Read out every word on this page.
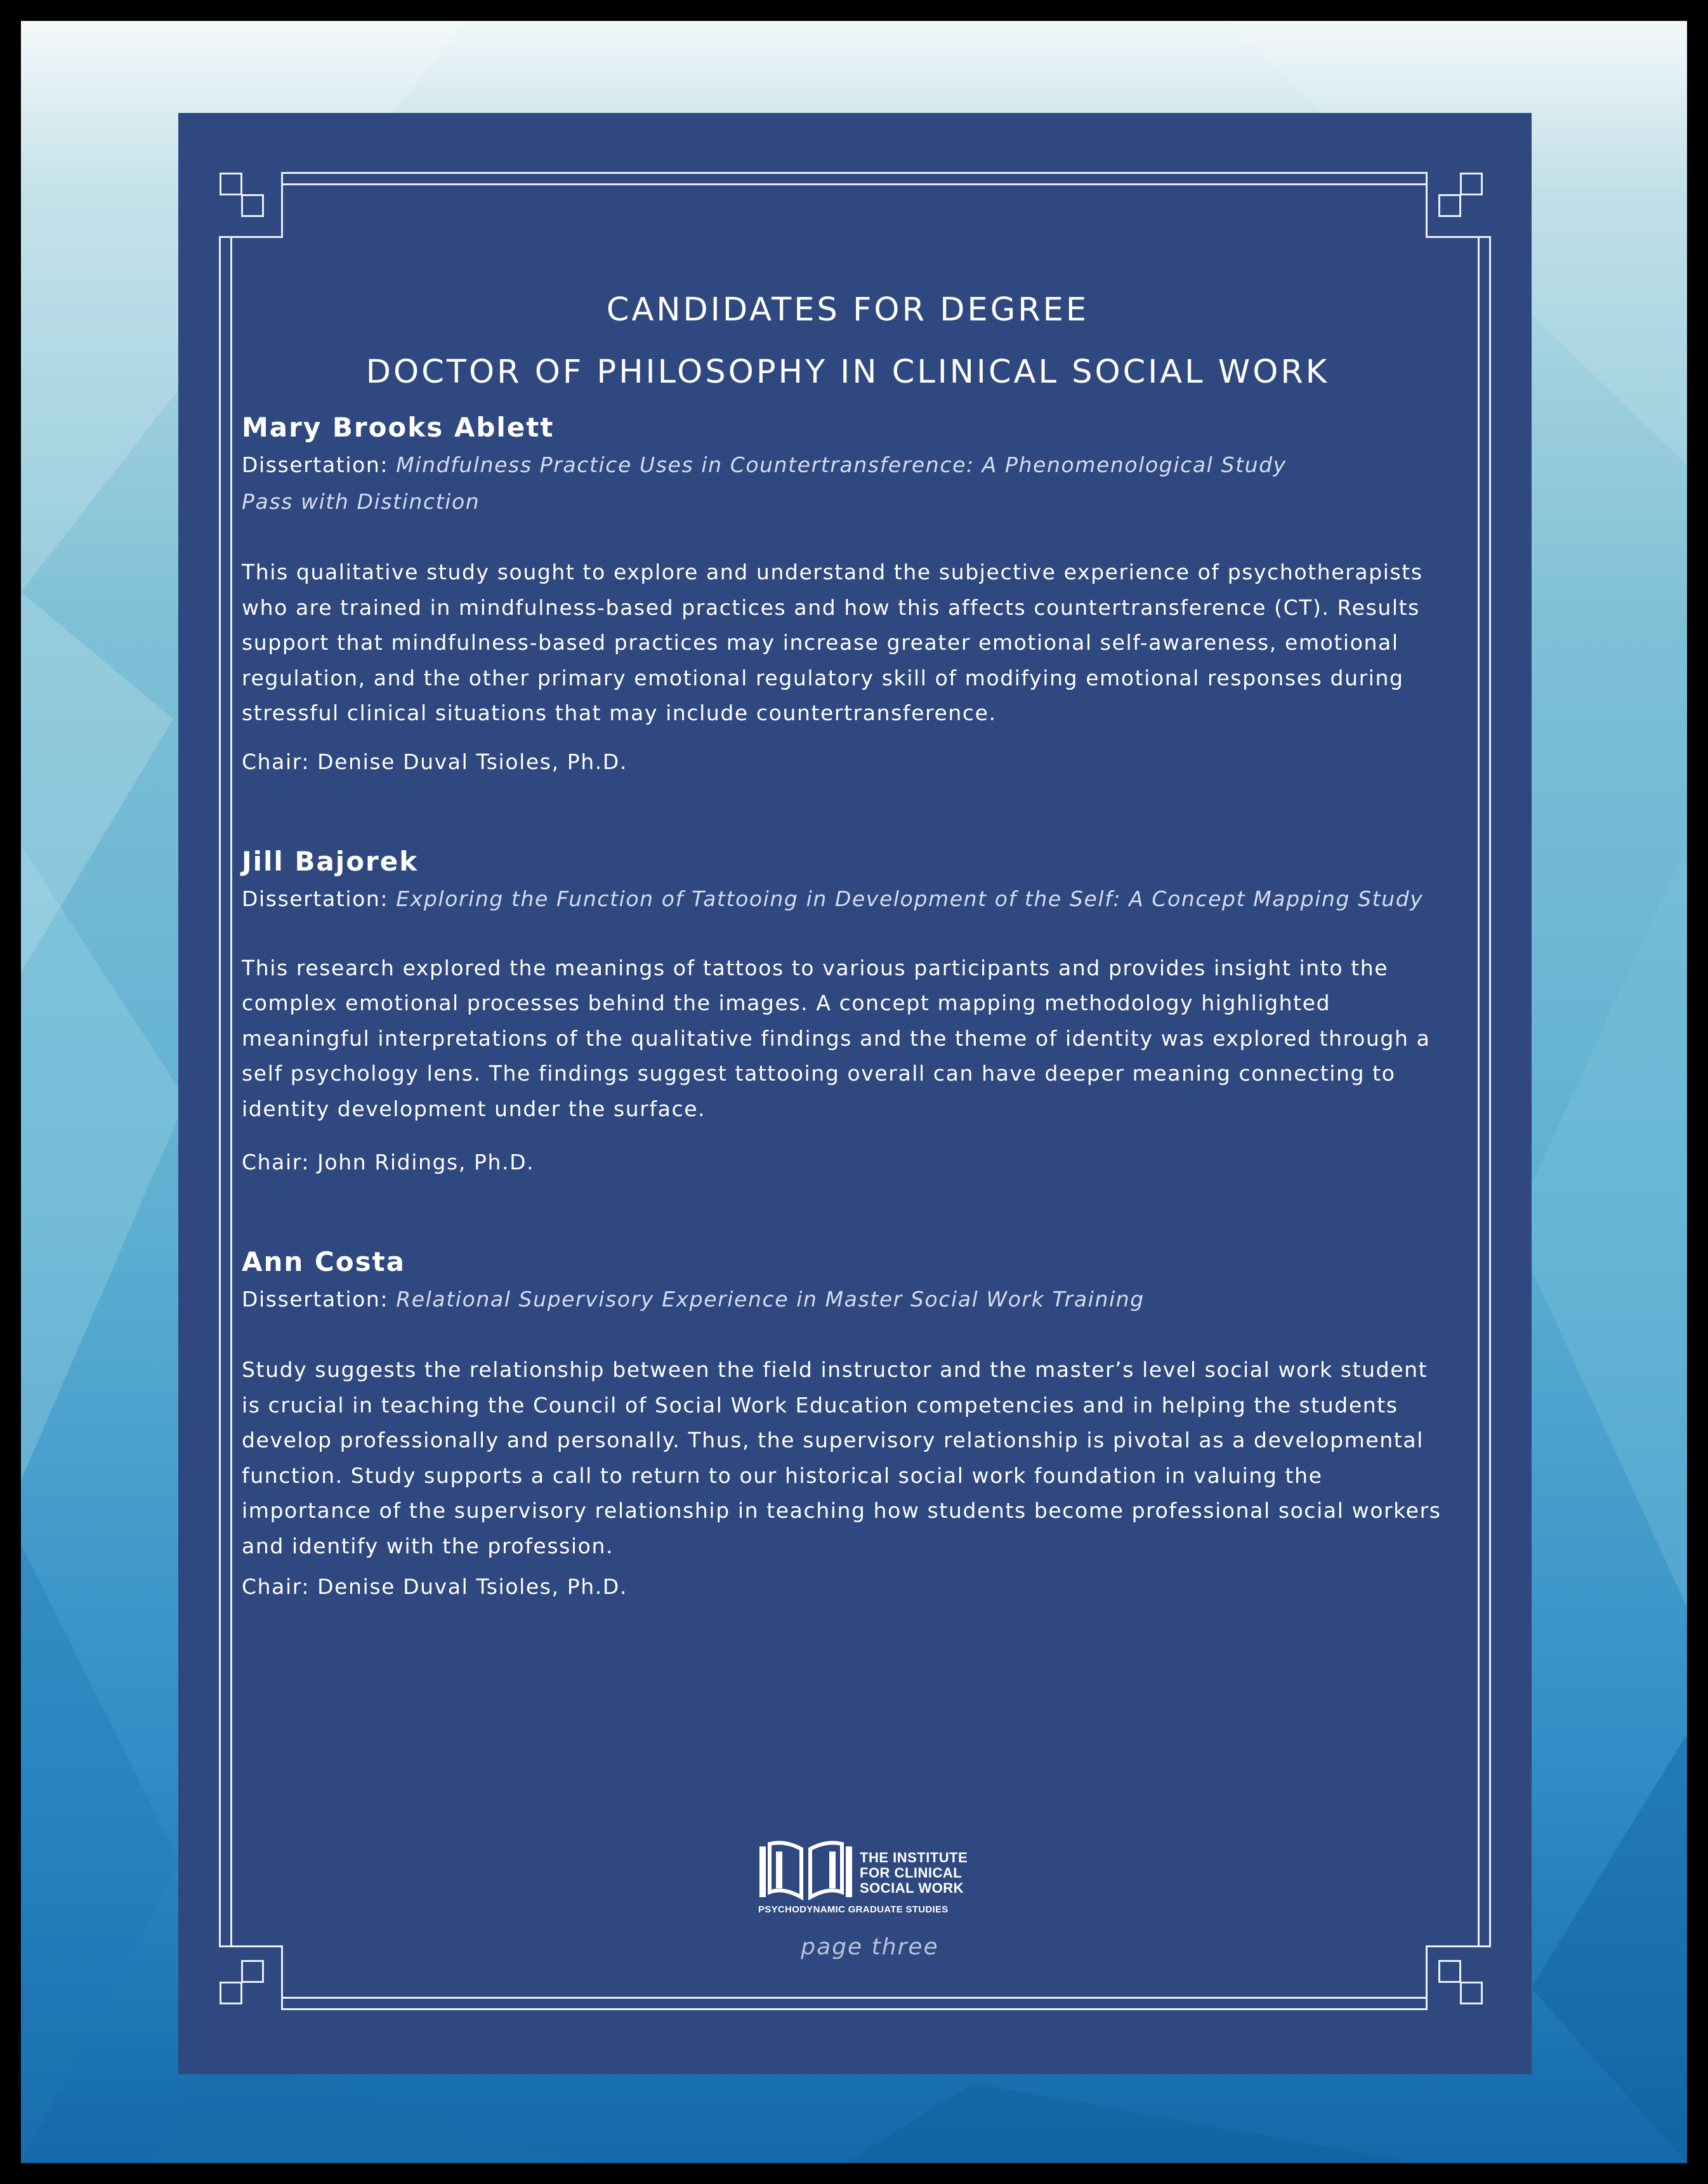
CANDIDATES FOR DEGREE
DOCTOR OF PHILOSOPHY IN CLINICAL SOCIAL WORK

Mary Brooks Ablett

Dissertation: Mindfulness Practice Uses in Countertransference: A Phenomenological Study

Pass with Distinction

This qualitative study sought to explore and understand the subjective experience of psychotherapists who are trained in mindfulness-based practices and how this affects countertransference (CT). Results support that mindfulness-based practices may increase greater emotional self-awareness, emotional regulation, and the other primary emotional regulatory skill of modifying emotional responses during stressful clinical situations that may include countertransference.

Chair: Denise Duval Tsioles, Ph.D.

Jill Bajorek

Dissertation: Exploring the Function of Tattooing in Development of the Self: A Concept Mapping Study

This research explored the meanings of tattoos to various participants and provides insight into the complex emotional processes behind the images. A concept mapping methodology highlighted meaningful interpretations of the qualitative findings and the theme of identity was explored through a self psychology lens. The findings suggest tattooing overall can have deeper meaning connecting to identity development under the surface.

Chair: John Ridings, Ph.D.

Ann Costa

Dissertation: Relational Supervisory Experience in Master Social Work Training

Study suggests the relationship between the field instructor and the master’s level social work student is crucial in teaching the Council of Social Work Education competencies and in helping the students develop professionally and personally. Thus, the supervisory relationship is pivotal as a developmental function. Study supports a call to return to our historical social work foundation in valuing the importance of the supervisory relationship in teaching how students become professional social workers and identify with the profession.

Chair: Denise Duval Tsioles, Ph.D.

THE INSTITUTE
FOR CLINICAL
SOCIAL WORK
PSYCHODYNAMIC GRADUATE STUDIES
page three
